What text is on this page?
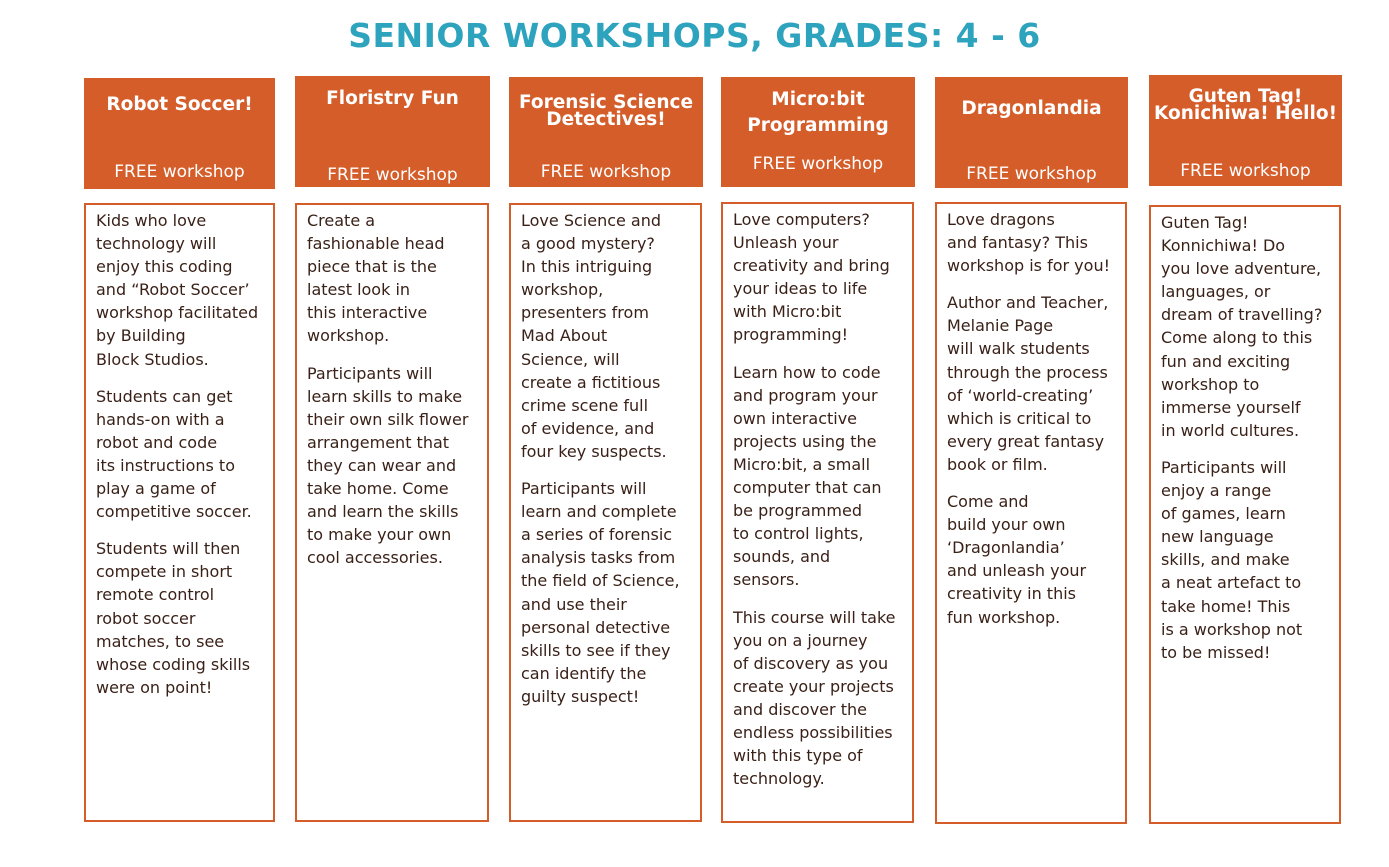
SENIOR WORKSHOPS, GRADES: 4 - 6
Robot Soccer!
FREE workshop

Kids who love
technology will
enjoy this coding
and “Robot Soccer’
workshop facilitated
by Building
Block Studios.

Students can get
hands-on with a
robot and code
its instructions to
play a game of
competitive soccer.

Students will then
compete in short
remote control
robot soccer
matches, to see
whose coding skills
were on point!

Floristry Fun
FREE workshop

Create a
fashionable head
piece that is the
latest look in
this interactive
workshop.

Participants will
learn skills to make
their own silk flower
arrangement that
they can wear and
take home. Come
and learn the skills
to make your own
cool accessories.

Forensic Science
Detectives!
FREE workshop

Love Science and
a good mystery?
In this intriguing
workshop,
presenters from
Mad About
Science, will
create a fictitious
crime scene full
of evidence, and
four key suspects.

Participants will
learn and complete
a series of forensic
analysis tasks from
the field of Science,
and use their
personal detective
skills to see if they
can identify the
guilty suspect!

Micro:bit
Programming
FREE workshop

Love computers?
Unleash your
creativity and bring
your ideas to life
with Micro:bit
programming!

Learn how to code
and program your
own interactive
projects using the
Micro:bit, a small
computer that can
be programmed
to control lights,
sounds, and
sensors.

This course will take
you on a journey
of discovery as you
create your projects
and discover the
endless possibilities
with this type of
technology.

Dragonlandia
FREE workshop

Love dragons
and fantasy? This
workshop is for you!

Author and Teacher,
Melanie Page
will walk students
through the process
of ‘world-creating’
which is critical to
every great fantasy
book or film.

Come and
build your own
‘Dragonlandia’
and unleash your
creativity in this
fun workshop.

Guten Tag!
Konichiwa! Hello!
FREE workshop

Guten Tag!
Konnichiwa! Do
you love adventure,
languages, or
dream of travelling?
Come along to this
fun and exciting
workshop to
immerse yourself
in world cultures.

Participants will
enjoy a range
of games, learn
new language
skills, and make
a neat artefact to
take home! This
is a workshop not
to be missed!
